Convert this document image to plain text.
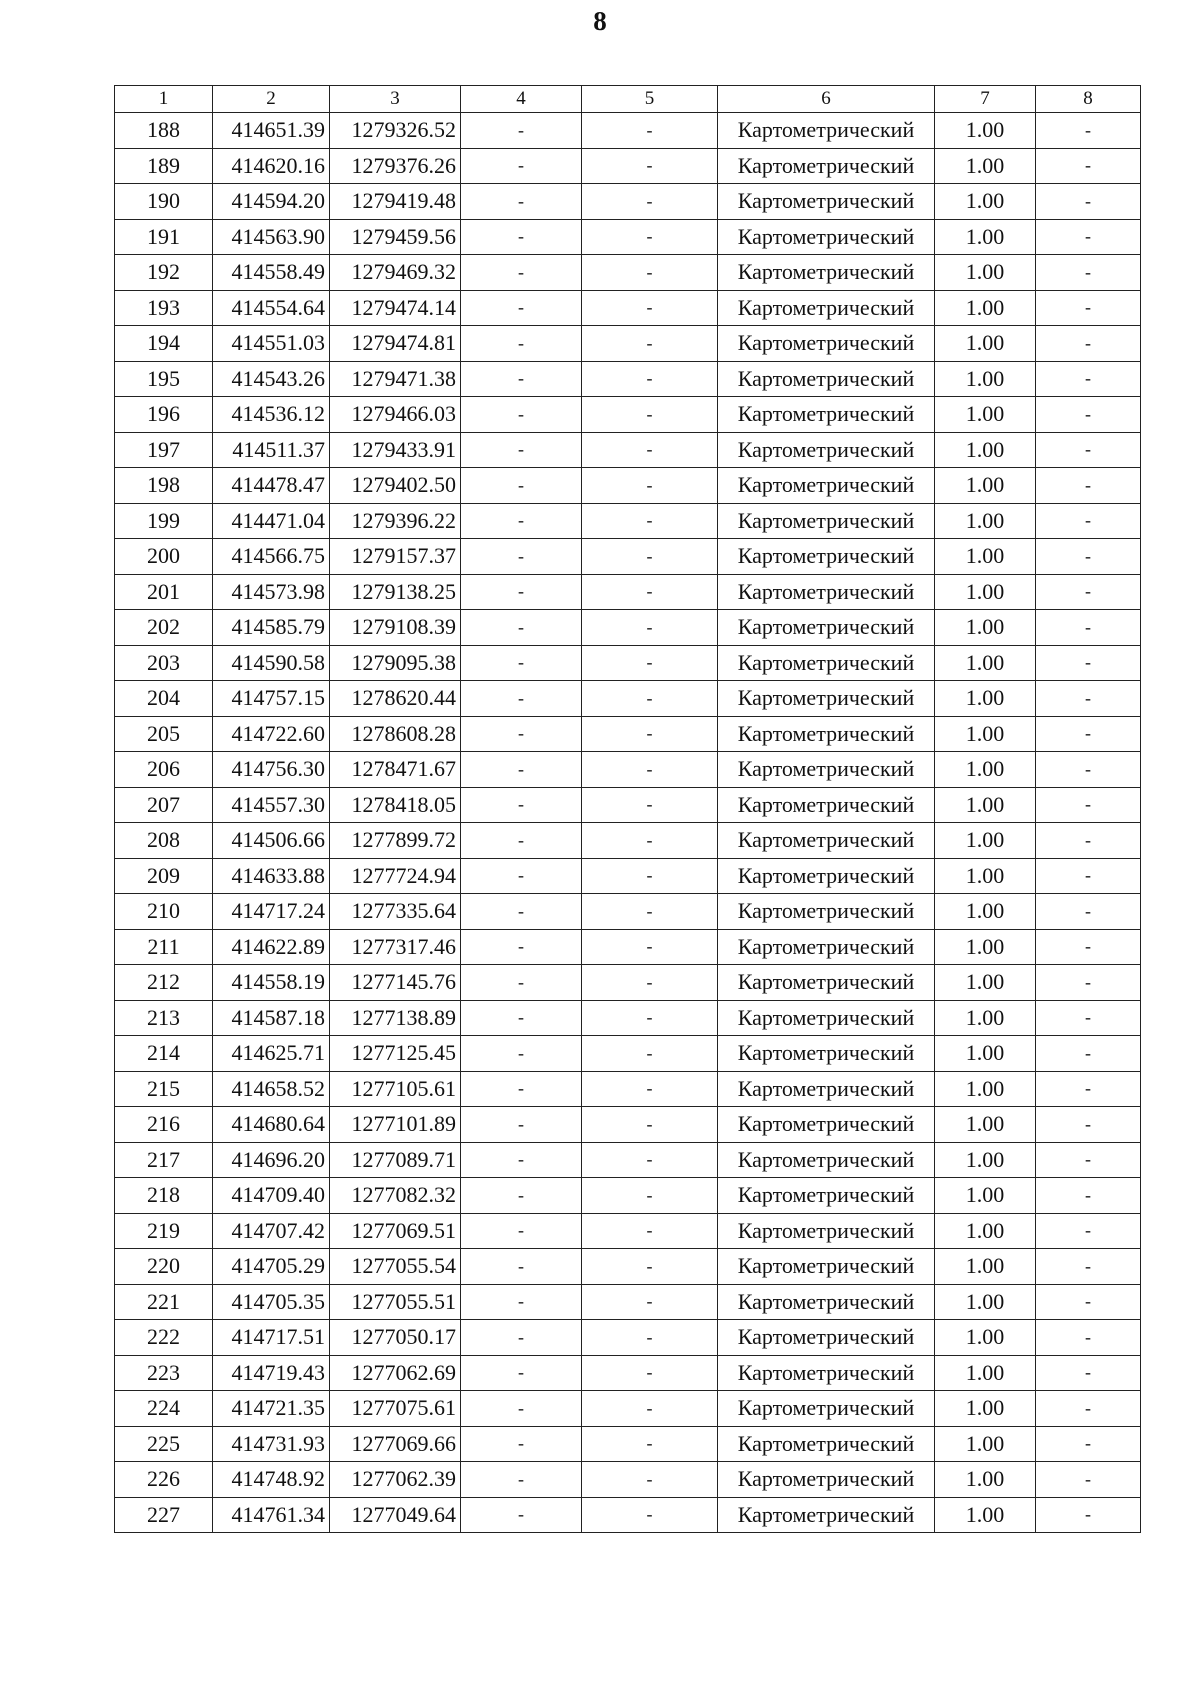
8
1	2	3	4	5	6	7	8
188	414651.39	1279326.52	-	-	Картометрический	1.00	-
189	414620.16	1279376.26	-	-	Картометрический	1.00	-
190	414594.20	1279419.48	-	-	Картометрический	1.00	-
191	414563.90	1279459.56	-	-	Картометрический	1.00	-
192	414558.49	1279469.32	-	-	Картометрический	1.00	-
193	414554.64	1279474.14	-	-	Картометрический	1.00	-
194	414551.03	1279474.81	-	-	Картометрический	1.00	-
195	414543.26	1279471.38	-	-	Картометрический	1.00	-
196	414536.12	1279466.03	-	-	Картометрический	1.00	-
197	414511.37	1279433.91	-	-	Картометрический	1.00	-
198	414478.47	1279402.50	-	-	Картометрический	1.00	-
199	414471.04	1279396.22	-	-	Картометрический	1.00	-
200	414566.75	1279157.37	-	-	Картометрический	1.00	-
201	414573.98	1279138.25	-	-	Картометрический	1.00	-
202	414585.79	1279108.39	-	-	Картометрический	1.00	-
203	414590.58	1279095.38	-	-	Картометрический	1.00	-
204	414757.15	1278620.44	-	-	Картометрический	1.00	-
205	414722.60	1278608.28	-	-	Картометрический	1.00	-
206	414756.30	1278471.67	-	-	Картометрический	1.00	-
207	414557.30	1278418.05	-	-	Картометрический	1.00	-
208	414506.66	1277899.72	-	-	Картометрический	1.00	-
209	414633.88	1277724.94	-	-	Картометрический	1.00	-
210	414717.24	1277335.64	-	-	Картометрический	1.00	-
211	414622.89	1277317.46	-	-	Картометрический	1.00	-
212	414558.19	1277145.76	-	-	Картометрический	1.00	-
213	414587.18	1277138.89	-	-	Картометрический	1.00	-
214	414625.71	1277125.45	-	-	Картометрический	1.00	-
215	414658.52	1277105.61	-	-	Картометрический	1.00	-
216	414680.64	1277101.89	-	-	Картометрический	1.00	-
217	414696.20	1277089.71	-	-	Картометрический	1.00	-
218	414709.40	1277082.32	-	-	Картометрический	1.00	-
219	414707.42	1277069.51	-	-	Картометрический	1.00	-
220	414705.29	1277055.54	-	-	Картометрический	1.00	-
221	414705.35	1277055.51	-	-	Картометрический	1.00	-
222	414717.51	1277050.17	-	-	Картометрический	1.00	-
223	414719.43	1277062.69	-	-	Картометрический	1.00	-
224	414721.35	1277075.61	-	-	Картометрический	1.00	-
225	414731.93	1277069.66	-	-	Картометрический	1.00	-
226	414748.92	1277062.39	-	-	Картометрический	1.00	-
227	414761.34	1277049.64	-	-	Картометрический	1.00	-
